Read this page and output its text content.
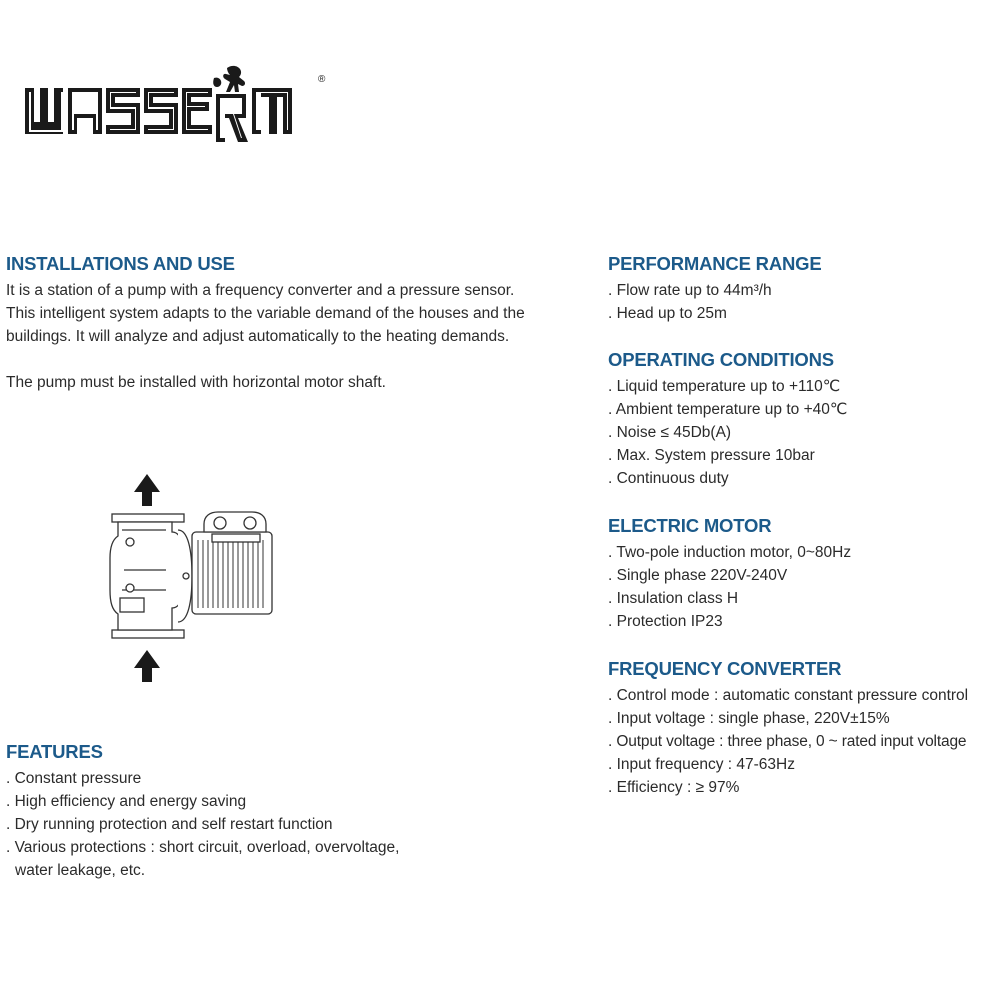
®
INSTALLATIONS AND USE

It is a station of a pump with a frequency converter and a pressure sensor. This intelligent system adapts to the variable demand of the houses and the buildings. It will analyze and adjust automatically to the heating demands.

The pump must be installed with horizontal motor shaft.

FEATURES
. Constant pressure
. High efficiency and energy saving
. Dry running protection and self restart function
. Various protections : short circuit, overload, overvoltage, water leakage, etc.
PERFORMANCE RANGE
. Flow rate up to 44m³/h
. Head up to 25m
OPERATING CONDITIONS
. Liquid temperature up to +110℃
. Ambient temperature up to +40℃
. Noise ≤ 45Db(A)
. Max. System pressure 10bar
. Continuous duty
ELECTRIC MOTOR
. Two-pole induction motor, 0~80Hz
. Single phase 220V-240V
. Insulation class H
. Protection IP23
FREQUENCY CONVERTER
. Control mode : automatic constant pressure control
. Input voltage : single phase, 220V±15%
. Output voltage : three phase, 0 ~ rated input voltage
. Input frequency : 47-63Hz
. Efficiency : ≥ 97%
